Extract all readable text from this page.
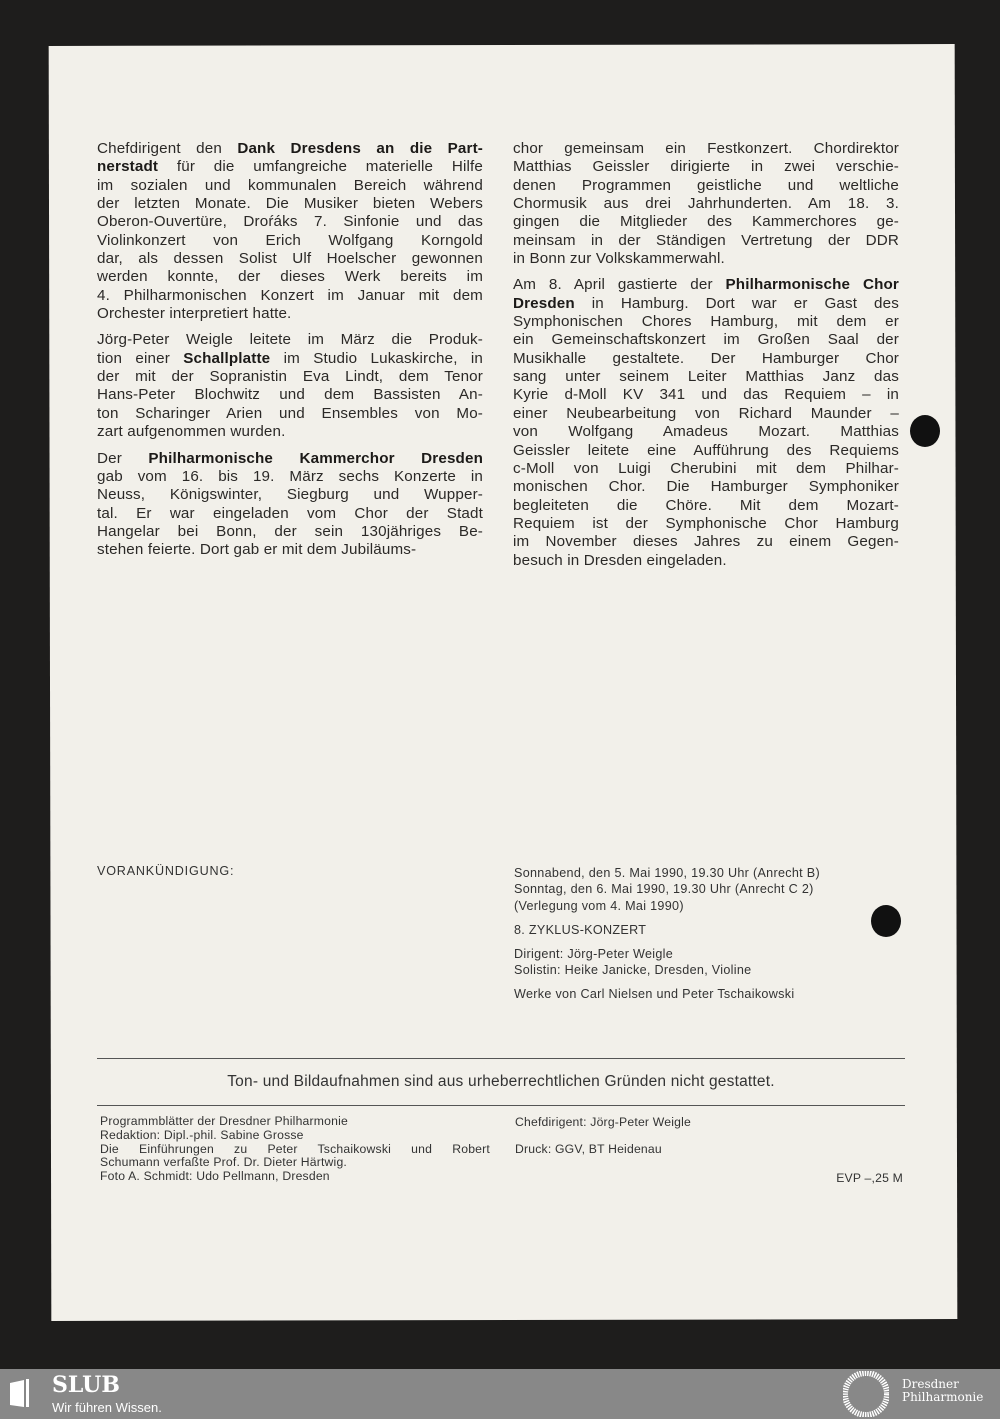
Chefdirigent den Dank Dresdens an die Part-
nerstadt für die umfangreiche materielle Hilfe
im sozialen und kommunalen Bereich während
der letzten Monate. Die Musiker bieten Webers
Oberon-Ouvertüre, Droŕáks 7. Sinfonie und das
Violinkonzert von Erich Wolfgang Korngold
dar, als dessen Solist Ulf Hoelscher gewonnen
werden konnte, der dieses Werk bereits im
4. Philharmonischen Konzert im Januar mit dem
Orchester interpretiert hatte.
Jörg-Peter Weigle leitete im März die Produk-
tion einer Schallplatte im Studio Lukaskirche, in
der mit der Sopranistin Eva Lindt, dem Tenor
Hans-Peter Blochwitz und dem Bassisten An-
ton Scharinger Arien und Ensembles von Mo-
zart aufgenommen wurden.
Der Philharmonische Kammerchor Dresden
gab vom 16. bis 19. März sechs Konzerte in
Neuss, Königswinter, Siegburg und Wupper-
tal. Er war eingeladen vom Chor der Stadt
Hangelar bei Bonn, der sein 130jähriges Be-
stehen feierte. Dort gab er mit dem Jubiläums-
chor gemeinsam ein Festkonzert. Chordirektor
Matthias Geissler dirigierte in zwei verschie-
denen Programmen geistliche und weltliche
Chormusik aus drei Jahrhunderten. Am 18. 3.
gingen die Mitglieder des Kammerchores ge-
meinsam in der Ständigen Vertretung der DDR
in Bonn zur Volkskammerwahl.
Am 8. April gastierte der Philharmonische Chor
Dresden in Hamburg. Dort war er Gast des
Symphonischen Chores Hamburg, mit dem er
ein Gemeinschaftskonzert im Großen Saal der
Musikhalle gestaltete. Der Hamburger Chor
sang unter seinem Leiter Matthias Janz das
Kyrie d-Moll KV 341 und das Requiem – in
einer Neubearbeitung von Richard Maunder –
von Wolfgang Amadeus Mozart. Matthias
Geissler leitete eine Aufführung des Requiems
c-Moll von Luigi Cherubini mit dem Philhar-
monischen Chor. Die Hamburger Symphoniker
begleiteten die Chöre. Mit dem Mozart-
Requiem ist der Symphonische Chor Hamburg
im November dieses Jahres zu einem Gegen-
besuch in Dresden eingeladen.
VORANKÜNDIGUNG:	Sonnabend, den 5. Mai 1990, 19.30 Uhr (Anrecht B)
Sonntag, den 6. Mai 1990, 19.30 Uhr (Anrecht C 2)
(Verlegung vom 4. Mai 1990)
8. ZYKLUS-KONZERT
Dirigent: Jörg-Peter Weigle
Solistin: Heike Janicke, Dresden, Violine
Werke von Carl Nielsen und Peter Tschaikowski
Ton- und Bildaufnahmen sind aus urheberrechtlichen Gründen nicht gestattet.
Programmblätter der Dresdner Philharmonie
Redaktion: Dipl.-phil. Sabine Grosse
Die Einführungen zu Peter Tschaikowski und Robert
Schumann verfaßte Prof. Dr. Dieter Härtwig.
Foto A. Schmidt: Udo Pellmann, Dresden
Chefdirigent: Jörg-Peter Weigle
Druck: GGV, BT Heidenau
EVP –,25 M
SLUB
Wir führen Wissen.
Dresdner
Philharmonie
